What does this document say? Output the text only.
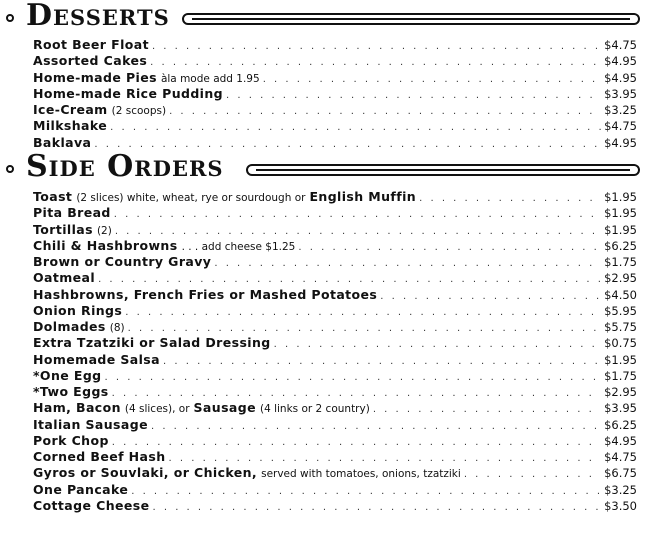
Desserts
Root Beer Float . . .	$4.75
Assorted Cakes . . .	$4.95
Home-made Pies àla mode add 1.95 . . .	$4.95
Home-made Rice Pudding . . .	$3.95
Ice-Cream (2 scoops) . . .	$3.25
Milkshake . . .	$4.75
Baklava . . .	$4.95
Side Orders
Toast (2 slices) white, wheat, rye or sourdough or English Muffin . . .	$1.95
Pita Bread . . .	$1.95
Tortillas (2) . . .	$1.95
Chili & Hashbrowns . . . add cheese $1.25 . . .	$6.25
Brown or Country Gravy . . .	$1.75
Oatmeal . . .	$2.95
Hashbrowns, French Fries or Mashed Potatoes . . .	$4.50
Onion Rings . . .	$5.95
Dolmades (8) . . .	$5.75
Extra Tzatziki or Salad Dressing . . .	$0.75
Homemade Salsa . . .	$1.95
*One Egg . . .	$1.75
*Two Eggs . . .	$2.95
Ham, Bacon (4 slices), or Sausage (4 links or 2 country) . . .	$3.95
Italian Sausage . . .	$6.25
Pork Chop . . .	$4.95
Corned Beef Hash . . .	$4.75
Gyros or Souvlaki, or Chicken, served with tomatoes, onions, tzatziki . . .	$6.75
One Pancake . . .	$3.25
Cottage Cheese . . .	$3.50
